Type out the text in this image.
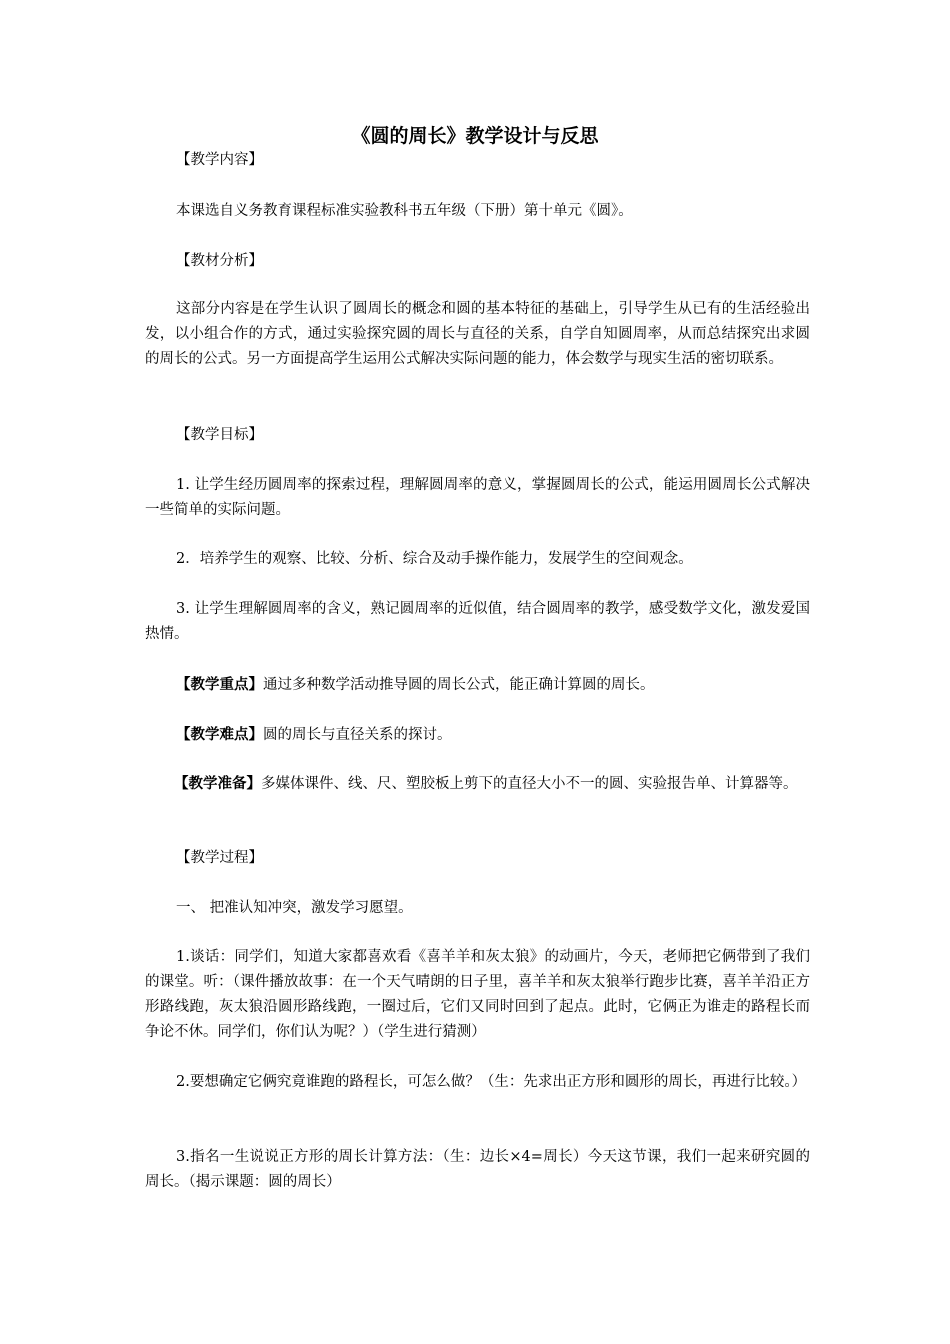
《圆的周长》教学设计与反思
【教学内容】
本课选自义务教育课程标准实验教科书五年级（下册）第十单元《圆》。
【教材分析】
这部分内容是在学生认识了圆周长的概念和圆的基本特征的基础上，引导学生从已有的生活经验出发，以小组合作的方式，通过实验探究圆的周长与直径的关系，自学自知圆周率，从而总结探究出求圆的周长的公式。另一方面提高学生运用公式解决实际问题的能力，体会数学与现实生活的密切联系。
【教学目标】
1. 让学生经历圆周率的探索过程，理解圆周率的意义，掌握圆周长的公式，能运用圆周长公式解决一些简单的实际问题。
2．培养学生的观察、比较、分析、综合及动手操作能力，发展学生的空间观念。
3. 让学生理解圆周率的含义，熟记圆周率的近似值，结合圆周率的教学，感受数学文化，激发爱国热情。
【教学重点】通过多种数学活动推导圆的周长公式，能正确计算圆的周长。
【教学难点】圆的周长与直径关系的探讨。
【教学准备】多媒体课件、线、尺、塑胶板上剪下的直径大小不一的圆、实验报告单、计算器等。
【教学过程】
一、 把准认知冲突，激发学习愿望。
1.谈话：同学们，知道大家都喜欢看《喜羊羊和灰太狼》的动画片，今天，老师把它俩带到了我们的课堂。听：（课件播放故事：在一个天气晴朗的日子里，喜羊羊和灰太狼举行跑步比赛，喜羊羊沿正方形路线跑，灰太狼沿圆形路线跑，一圈过后，它们又同时回到了起点。此时，它俩正为谁走的路程长而争论不休。同学们，你们认为呢？）（学生进行猜测）
2.要想确定它俩究竟谁跑的路程长，可怎么做？（生：先求出正方形和圆形的周长，再进行比较。）
3.指名一生说说正方形的周长计算方法：（生：边长×4=周长）今天这节课，我们一起来研究圆的周长。（揭示课题：圆的周长）
